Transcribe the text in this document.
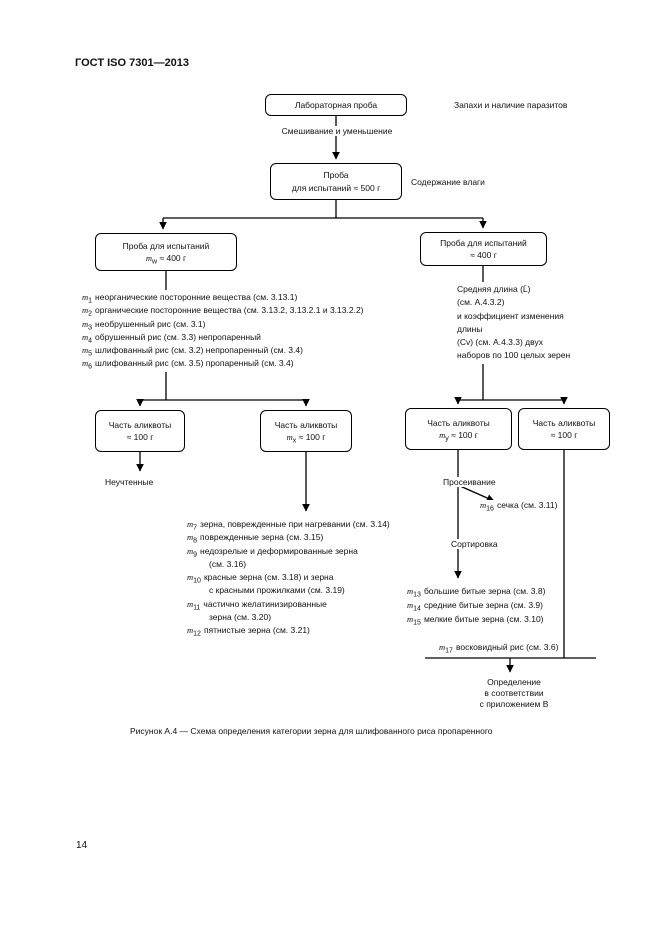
ГОСТ ISO 7301—2013
14
Рисунок А.4 — Схема определения категории зерна для шлифованного риса пропаренного
Лабораторная проба	Запахи и наличие паразитов
Смешивание и уменьшение
Проба
для испытаний ≈ 500 г
Содержание влаги
Проба для испытаний
$m_w \approx 400$ г
Проба для испытаний
≈ 400 г
$m_1$ неорганические посторонние вещества (см. 3.13.1)
$m_2$ органические посторонние вещества (см. 3.13.2, 3.13.2.1 и 3.13.2.2)
$m_3$ необрушенный рис (см. 3.1)
$m_4$ обрушенный рис (см. 3.3) непропаренный
$m_5$ шлифованный рис (см. 3.2) непропаренный (см. 3.4)
$m_6$ шлифованный рис (см. 3.5) пропаренный (см. 3.4)
Средняя длина (L̄)
(см. А.4.3.2)
и коэффициент изменения
длины
(Сv) (см. А.4.3.3) двух
наборов по 100 целых зерен
Часть аликвоты
≈ 100 г
Часть аликвоты
$m_х \approx 100$ г
Часть аликвоты
$m_у \approx 100$ г
Часть аликвоты
≈ 100 г
Неучтенные	Просеивание
$m_{16}$ сечка (см. 3.11)
Сортировка
$m_7$ зерна, поврежденные при нагревании (см. 3.14)
$m_8$ поврежденные зерна (см. 3.15)
$m_9$ недозрелые и деформированные зерна
(см. 3.16)
$m_{10}$ красные зерна (см. 3.18) и зерна
с красными прожилками (см. 3.19)
$m_{11}$ частично желатинизированные
зерна (см. 3.20)
$m_{12}$ пятнистые зерна (см. 3.21)
$m_{13}$ большие битые зерна (см. 3.8)
$m_{14}$ средние битые зерна (см. 3.9)
$m_{15}$ мелкие битые зерна (см. 3.10)
$m_{17}$ восковидный рис (см. 3.6)
Определение
в соответствии
с приложением В
